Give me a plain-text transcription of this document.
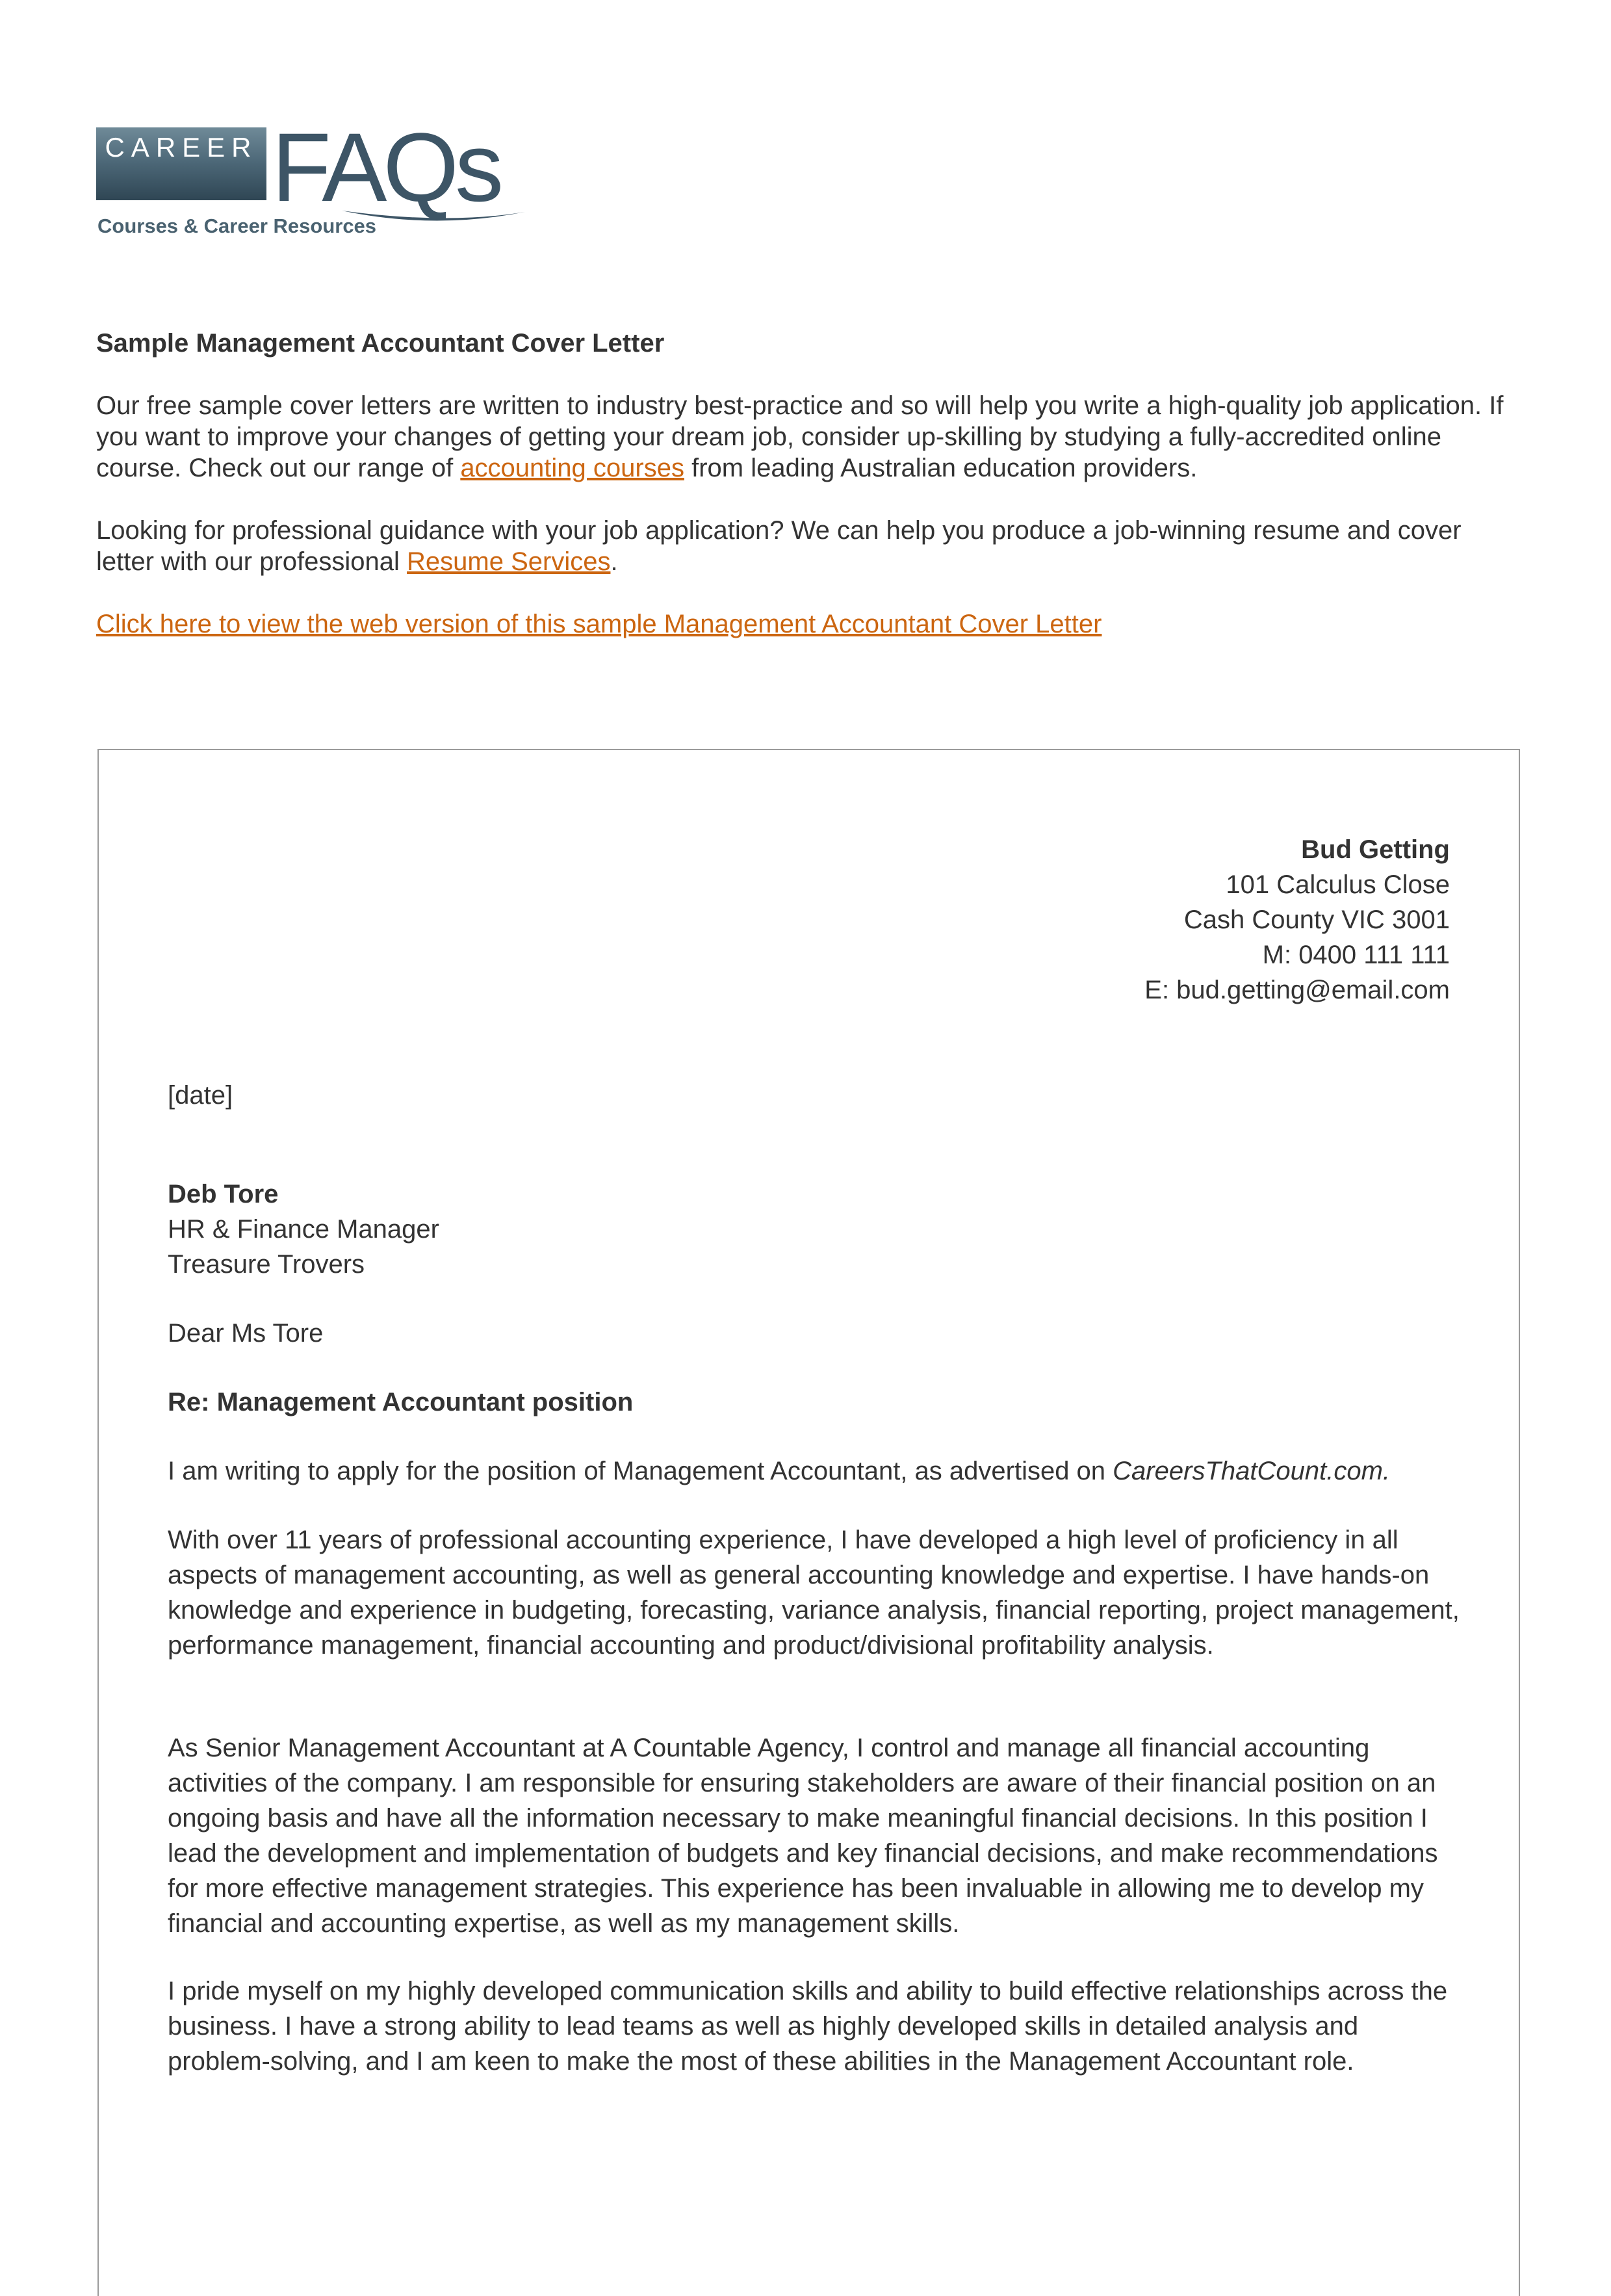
CAREER FAQs
Courses & Career Resources

Sample Management Accountant Cover Letter

Our free sample cover letters are written to industry best-practice and so will help you write a high-quality job application. If you want to improve your changes of getting your dream job, consider up-skilling by studying a fully-accredited online course. Check out our range of accounting courses from leading Australian education providers.

Looking for professional guidance with your job application? We can help you produce a job-winning resume and cover letter with our professional Resume Services.

Click here to view the web version of this sample Management Accountant Cover Letter

Bud Getting
101 Calculus Close
Cash County VIC 3001
M: 0400 111 111
E: bud.getting@email.com

[date]

Deb Tore
HR & Finance Manager
Treasure Trovers

Dear Ms Tore

Re: Management Accountant position

I am writing to apply for the position of Management Accountant, as advertised on CareersThatCount.com.

With over 11 years of professional accounting experience, I have developed a high level of proficiency in all aspects of management accounting, as well as general accounting knowledge and expertise. I have hands-on knowledge and experience in budgeting, forecasting, variance analysis, financial reporting, project management, performance management, financial accounting and product/divisional profitability analysis.

As Senior Management Accountant at A Countable Agency, I control and manage all financial accounting activities of the company. I am responsible for ensuring stakeholders are aware of their financial position on an ongoing basis and have all the information necessary to make meaningful financial decisions. In this position I lead the development and implementation of budgets and key financial decisions, and make recommendations for more effective management strategies. This experience has been invaluable in allowing me to develop my financial and accounting expertise, as well as my management skills.

I pride myself on my highly developed communication skills and ability to build effective relationships across the business. I have a strong ability to lead teams as well as highly developed skills in detailed analysis and problem-solving, and I am keen to make the most of these abilities in the Management Accountant role.
